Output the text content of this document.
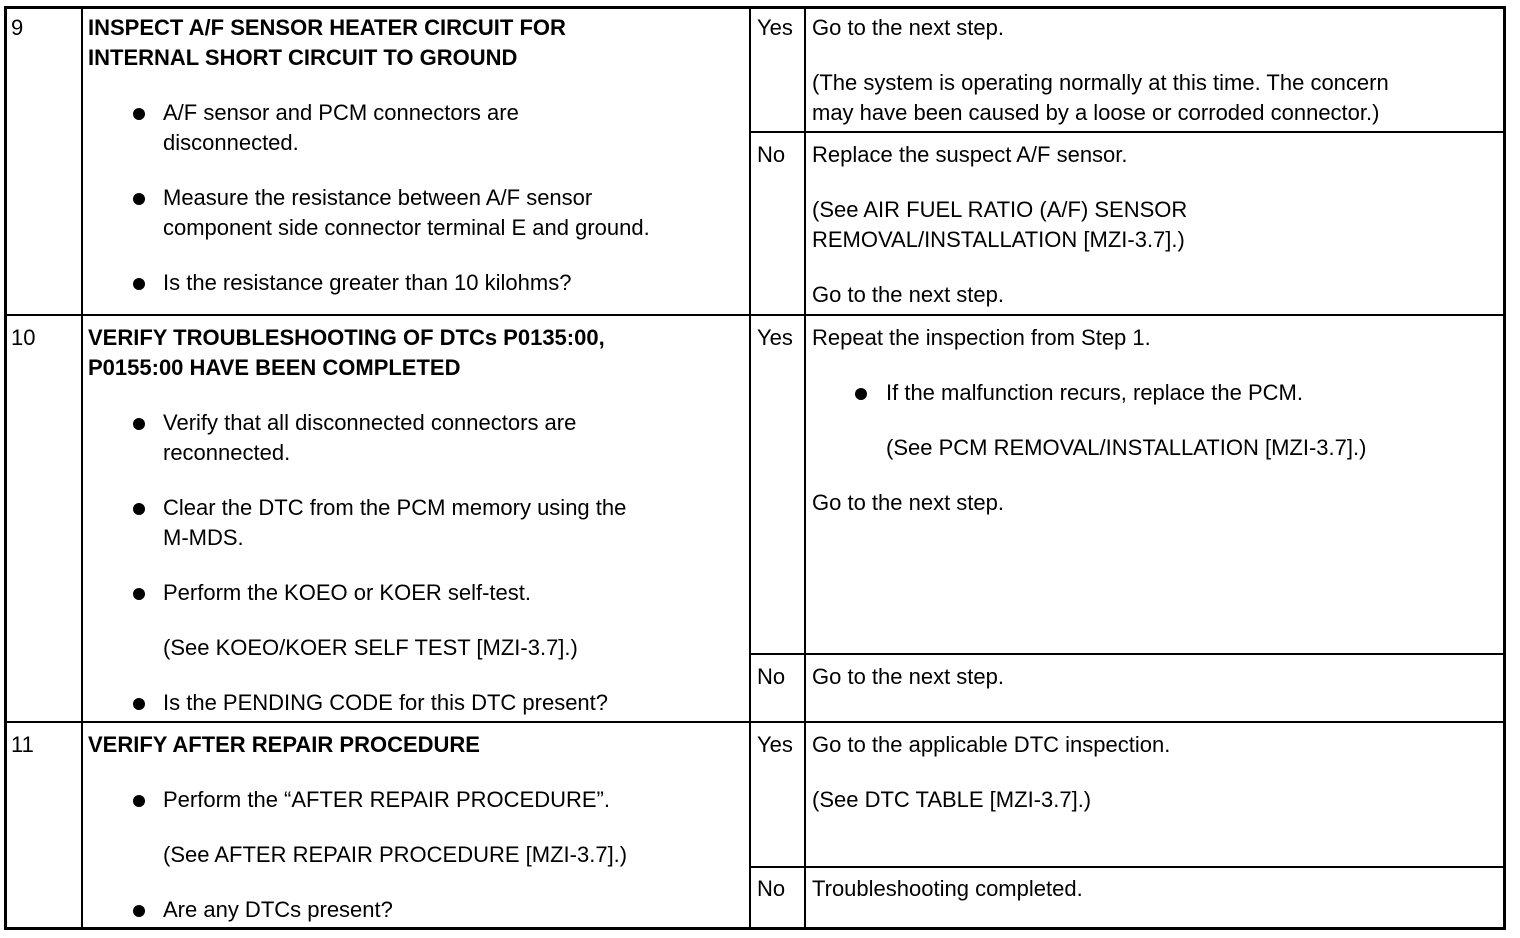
9	INSPECT A/F SENSOR HEATER CIRCUIT FOR
INTERNAL SHORT CIRCUIT TO GROUND
A/F sensor and PCM connectors are
disconnected.
Measure the resistance between A/F sensor
component side connector terminal E and ground.
Is the resistance greater than 10 kilohms?
Yes Go to the next step.
(The system is operating normally at this time. The concern
may have been caused by a loose or corroded connector.)
No Replace the suspect A/F sensor.
(See AIR FUEL RATIO (A/F) SENSOR
REMOVAL/INSTALLATION [MZI-3.7].)
Go to the next step.
10 VERIFY TROUBLESHOOTING OF DTCs P0135:00,
P0155:00 HAVE BEEN COMPLETED
Verify that all disconnected connectors are
reconnected.
Clear the DTC from the PCM memory using the
M-MDS.
Perform the KOEO or KOER self-test.
(See KOEO/KOER SELF TEST [MZI-3.7].)
Is the PENDING CODE for this DTC present?
Yes Repeat the inspection from Step 1.
If the malfunction recurs, replace the PCM.
(See PCM REMOVAL/INSTALLATION [MZI-3.7].)
Go to the next step.
No Go to the next step.
11 VERIFY AFTER REPAIR PROCEDURE
Perform the “AFTER REPAIR PROCEDURE”.
(See AFTER REPAIR PROCEDURE [MZI-3.7].)
Are any DTCs present?
Yes Go to the applicable DTC inspection.
(See DTC TABLE [MZI-3.7].)
No Troubleshooting completed.
